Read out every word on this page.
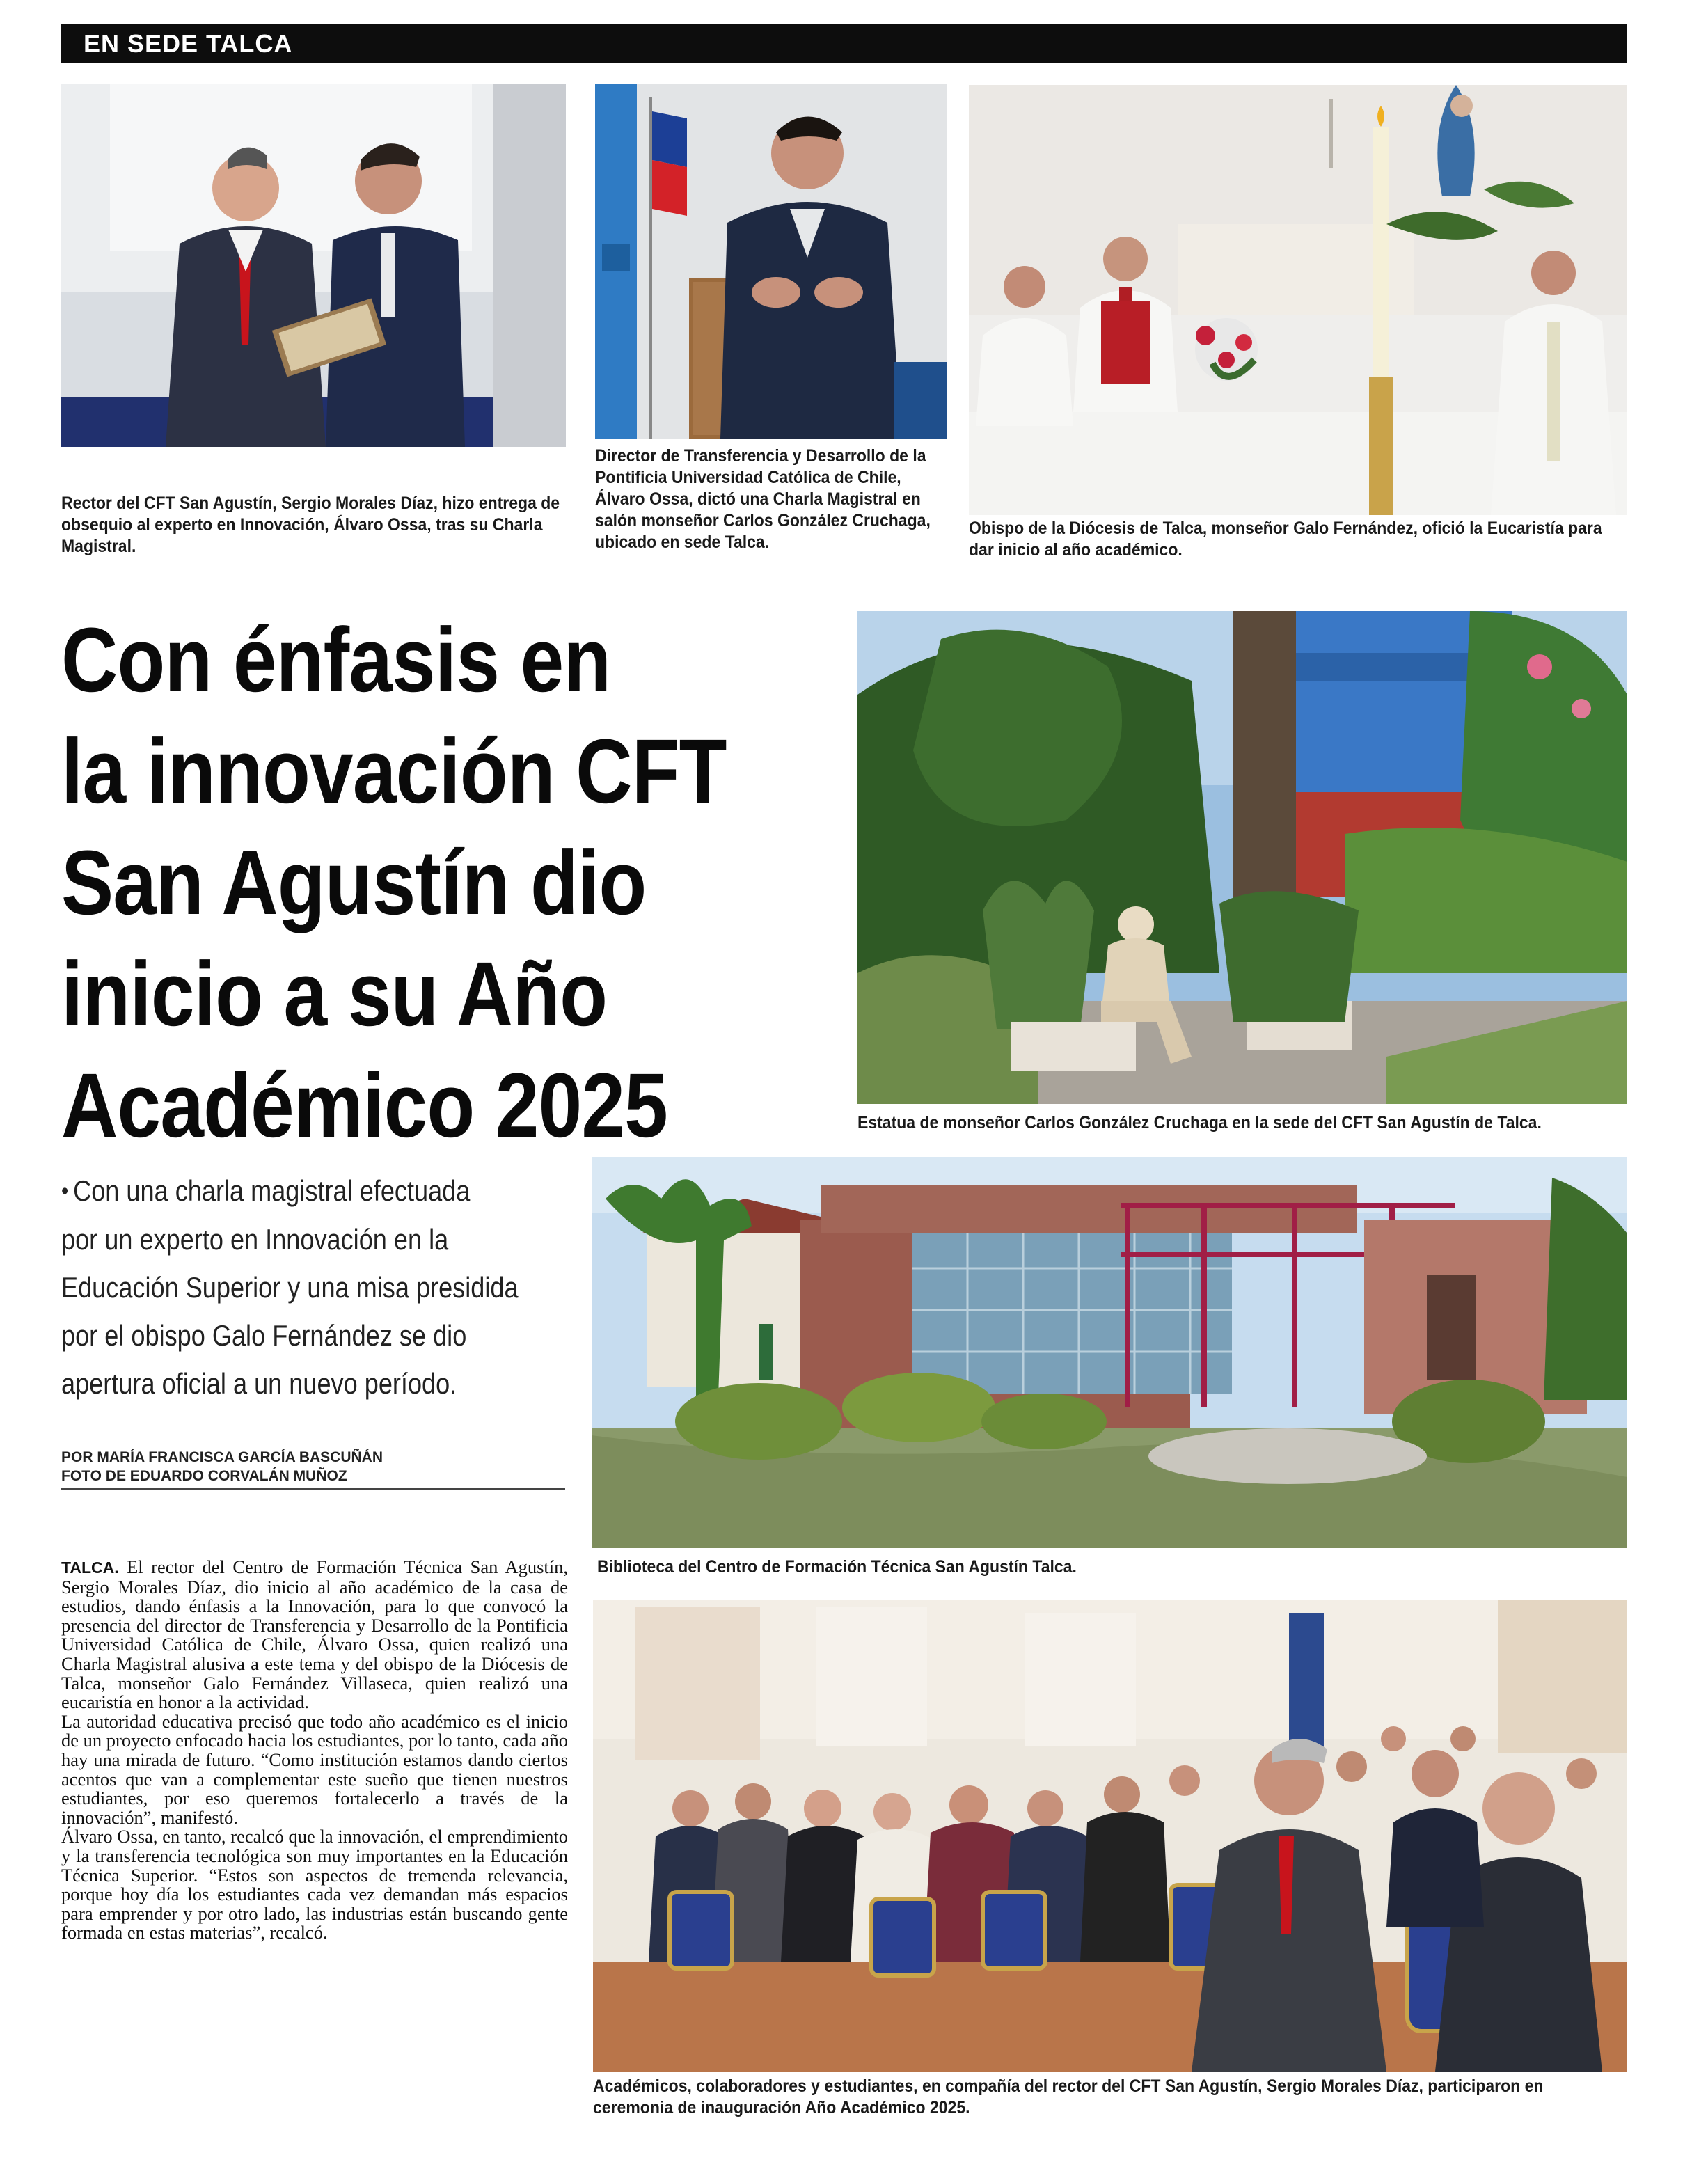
EN SEDE TALCA
Rector del CFT San Agustín, Sergio Morales Díaz, hizo entrega de obsequio al experto en Innovación, Álvaro Ossa, tras su Charla Magistral.
Director de Transferencia y Desarrollo de la Pontificia Universidad Católica de Chile, Álvaro Ossa, dictó una Charla Magistral en salón monseñor Carlos González Cruchaga, ubicado en sede Talca.
Obispo de la Diócesis de Talca, monseñor Galo Fernández, ofició la Eucaristía para dar inicio al año académico.
Con énfasis en
la innovación CFT
San Agustín dio
inicio a su Año
Académico 2025	Estatua de monseñor Carlos González Cruchaga en la sede del CFT San Agustín de Talca.
• Con una charla magistral efectuada
por un experto en Innovación en la
Educación Superior y una misa presidida
por el obispo Galo Fernández se dio
apertura oficial a un nuevo período.
Biblioteca del Centro de Formación Técnica San Agustín Talca.
POR MARÍA FRANCISCA GARCÍA BASCUÑÁN
FOTO DE EDUARDO CORVALÁN MUÑOZ

TALCA. El rector del Centro de Formación Técnica San Agustín, Sergio Morales Díaz, dio inicio al año académico de la casa de estudios, dando énfasis a la Innovación, para lo que convocó la presencia del director de Transferencia y Desarrollo de la Pontificia Universidad Católica de Chile, Álvaro Ossa, quien realizó una Charla Magistral alusiva a este tema y del obispo de la Diócesis de Talca, monseñor Galo Fernández Villaseca, quien realizó una eucaristía en honor a la actividad.

La autoridad educativa precisó que todo año académico es el inicio de un proyecto enfocado hacia los estudiantes, por lo tanto, cada año hay una mirada de futuro. “Como institución estamos dando ciertos acentos que van a complementar este sueño que tienen nuestros estudiantes, por eso queremos fortalecerlo a través de la innovación”, manifestó.

Álvaro Ossa, en tanto, recalcó que la innovación, el emprendimiento y la transferencia tecnológica son muy importantes en la Educación Técnica Superior. “Estos son aspectos de tremenda relevancia, porque hoy día los estudiantes cada vez demandan más espacios para emprender y por otro lado, las industrias están buscando gente formada en estas materias”, recalcó.

Académicos, colaboradores y estudiantes, en compañía del rector del CFT San Agustín, Sergio Morales Díaz, participaron en ceremonia de inauguración Año Académico 2025.
